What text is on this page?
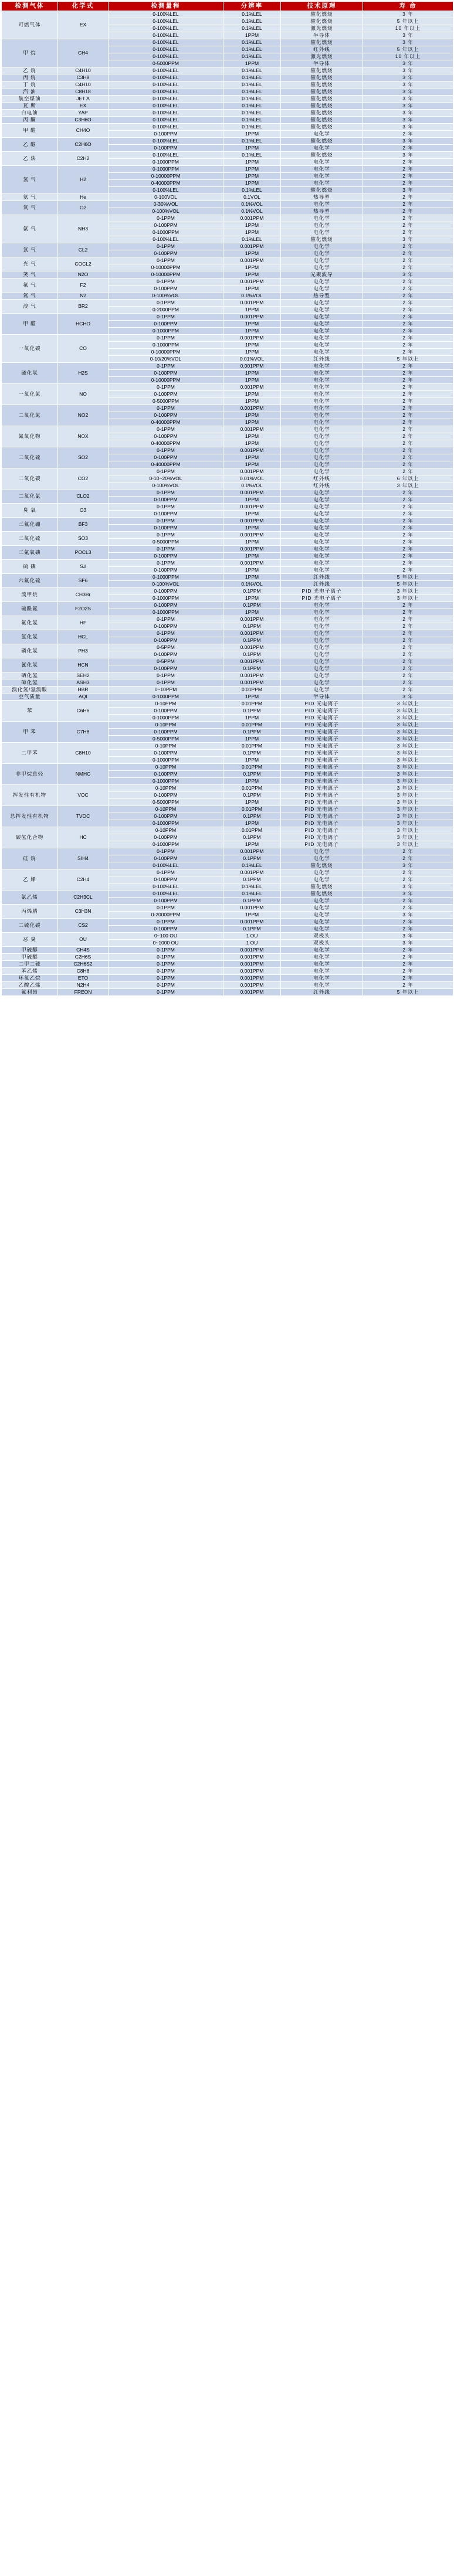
检测气体	化学式	检测量程	分辨率	技术原理	寿 命
可燃气体	EX	0-100%LEL	0.1%LEL	催化燃烧	3 年
		0-100%LEL	0.1%LEL	催化燃烧	5 年以上
		0-100%LEL	0.1%LEL	激光燃烧	10 年以上
		0-100%LEL	1PPM	半导体	3 年
甲 烷	CH4	0-100%LEL	0.1%LEL	催化燃烧	3 年
		0-100%LEL	0.1%LEL	红外线	5 年以上
		0-100%LEL	0.1%LEL	激光燃烧	10 年以上
		0-5000PPM	1PPM	半导体	3 年
乙 烷	C4H10	0-100%LEL	0.1%LEL	催化燃烧	3 年
丙 烷	C3H8	0-100%LEL	0.1%LEL	催化燃烧	3 年
丁 烷	C4H10	0-100%LEL	0.1%LEL	催化燃烧	3 年
汽 油	C8H18	0-100%LEL	0.1%LEL	催化燃烧	3 年
航空煤油	JET A	0-100%LEL	0.1%LEL	催化燃烧	3 年
瓦 斯	EX	0-100%LEL	0.1%LEL	催化燃烧	3 年
白电油	YAP	0-100%LEL	0.1%LEL	催化燃烧	3 年
丙 酮	C3H6O	0-100%LEL	0.1%LEL	催化燃烧	3 年
甲 醛	CH4O	0-100%LEL	0.1%LEL	催化燃烧	3 年
		0-100PPM	1PPM	电化学	2 年
乙 醇	C2H6O	0-100%LEL	0.1%LEL	催化燃烧	3 年
		0-100PPM	1PPM	电化学	2 年
乙 炔	C2H2	0-100%LEL	0.1%LEL	催化燃烧	3 年
		0-1000PPM	1PPM	电化学	2 年
氢 气	H2	0-1000PPM	1PPM	电化学	2 年
		0-10000PPM	1PPM	电化学	2 年
		0-40000PPM	1PPM	电化学	2 年
		0-100%LEL	0.1%LEL	催化燃烧	3 年
氦 气	He	0-100VOL	0.1VOL	热导型	2 年
氧 气	O2	0-30%VOL	0.1%VOL	电化学	2 年
		0-100%VOL	0.1%VOL	热导型	2 年
氨 气	NH3	0-1PPM	0.001PPM	电化学	2 年
		0-100PPM	1PPM	电化学	2 年
		0-1000PPM	1PPM	电化学	2 年
		0-100%LEL	0.1%LEL	催化燃烧	3 年
氯 气	CL2	0-1PPM	0.001PPM	电化学	2 年
		0-100PPM	1PPM	电化学	2 年
光 气	COCL2	0-1PPM	0.001PPM	电化学	2 年
		0-10000PPM	1PPM	电化学	2 年
笑 气	N2O	0-10000PPM	1PPM	光聚波导	3 年
氟 气	F2	0-1PPM	0.001PPM	电化学	2 年
		0-100PPM	1PPM	电化学	2 年
氮 气	N2	0-100%VOL	0.1%VOL	热导型	2 年
溴 气	BR2	0-1PPM	0.001PPM	电化学	2 年
		0-2000PPM	1PPM	电化学	2 年
甲 醛	HCHO	0-1PPM	0.001PPM	电化学	2 年
		0-100PPM	1PPM	电化学	2 年
		0-1000PPM	1PPM	电化学	2 年
一氧化碳	CO	0-1PPM	0.001PPM	电化学	2 年
		0-1000PPM	1PPM	电化学	2 年
		0-10000PPM	1PPM	电化学	2 年
		0-10/20%VOL	0.01%VOL	红外线	5 年以上
硫化氢	H2S	0-1PPM	0.001PPM	电化学	2 年
		0-100PPM	1PPM	电化学	2 年
		0-10000PPM	1PPM	电化学	2 年
一氧化氮	NO	0-1PPM	0.001PPM	电化学	2 年
		0-100PPM	1PPM	电化学	2 年
		0-5000PPM	1PPM	电化学	2 年
二氧化氮	NO2	0-1PPM	0.001PPM	电化学	2 年
		0-100PPM	1PPM	电化学	2 年
		0-40000PPM	1PPM	电化学	2 年
氮氧化物	NOX	0-1PPM	0.001PPM	电化学	2 年
		0-100PPM	1PPM	电化学	2 年
		0-40000PPM	1PPM	电化学	2 年
二氧化硫	SO2	0-1PPM	0.001PPM	电化学	2 年
		0-100PPM	1PPM	电化学	2 年
		0-40000PPM	1PPM	电化学	2 年
二氧化碳	CO2	0-1PPM	0.001PPM	电化学	2 年
		0-10~20%VOL	0.01%VOL	红外线	6 年以上
		0-100%VOL	0.1%VOL	红外线	3 年以上
二氧化氯	CLO2	0-1PPM	0.001PPM	电化学	2 年
		0-100PPM	1PPM	电化学	2 年
臭 氧	O3	0-1PPM	0.001PPM	电化学	2 年
		0-100PPM	1PPM	电化学	2 年
三氟化硼	BF3	0-1PPM	0.001PPM	电化学	2 年
		0-100PPM	1PPM	电化学	2 年
三氧化硫	SO3	0-1PPM	0.001PPM	电化学	2 年
		0-5000PPM	1PPM	电化学	2 年
三氯氧磷	POCL3	0-1PPM	0.001PPM	电化学	2 年
		0-100PPM	1PPM	电化学	2 年
硫 磷	S#	0-1PPM	0.001PPM	电化学	2 年
		0-100PPM	1PPM	电化学	2 年
六氟化硫	SF6	0-1000PPM	1PPM	红外线	5 年以上
		0-100%VOL	0.1%VOL	红外线	5 年以上
溴甲烷	CH3Br	0-100PPM	0.1PPM	PID 光电子离子	3 年以上
		0-1000PPM	1PPM	PID 光电子离子	3 年以上
硫酰氟	F2O2S	0-100PPM	0.1PPM	电化学	2 年
		0-1000PPM	1PPM	电化学	2 年
氟化氢	HF	0-1PPM	0.001PPM	电化学	2 年
		0-100PPM	0.1PPM	电化学	2 年
氯化氢	HCL	0-1PPM	0.001PPM	电化学	2 年
		0-100PPM	0.1PPM	电化学	2 年
磷化氢	PH3	0-5PPM	0.001PPM	电化学	2 年
		0-100PPM	0.1PPM	电化学	2 年
氰化氢	HCN	0-5PPM	0.001PPM	电化学	2 年
		0-100PPM	0.1PPM	电化学	2 年
硒化氢	SEH2	0-1PPM	0.001PPM	电化学	2 年
砷化氢	ASH3	0-1PPM	0.001PPM	电化学	2 年
溴化氢/氢溴酸	HBR	0~10PPM	0.01PPM	电化学	2 年
空气质量	AQI	0-1000PPM	1PPM	半导体	3 年
苯	C6H6	0-10PPM	0.01PPM	PID 光电离子	3 年以上
		0-100PPM	0.1PPM	PID 光电离子	3 年以上
		0-1000PPM	1PPM	PID 光电离子	3 年以上
甲 苯	C7H8	0-10PPM	0.01PPM	PID 光电离子	3 年以上
		0-100PPM	0.1PPM	PID 光电离子	3 年以上
		0-5000PPM	1PPM	PID 光电离子	3 年以上
二甲苯	C8H10	0-10PPM	0.01PPM	PID 光电离子	3 年以上
		0-100PPM	0.1PPM	PID 光电离子	3 年以上
		0-1000PPM	1PPM	PID 光电离子	3 年以上
非甲烷总烃	NMHC	0-10PPM	0.01PPM	PID 光电离子	3 年以上
		0-100PPM	0.1PPM	PID 光电离子	3 年以上
		0-1000PPM	1PPM	PID 光电离子	3 年以上
挥发性有机物	VOC	0-10PPM	0.01PPM	PID 光电离子	3 年以上
		0-100PPM	0.1PPM	PID 光电离子	3 年以上
		0-5000PPM	1PPM	PID 光电离子	3 年以上
总挥发性有机物	TVOC	0-10PPM	0.01PPM	PID 光电离子	3 年以上
		0-100PPM	0.1PPM	PID 光电离子	3 年以上
		0-1000PPM	1PPM	PID 光电离子	3 年以上
碳氢化合物	HC	0-10PPM	0.01PPM	PID 光电离子	3 年以上
		0-100PPM	0.1PPM	PID 光电离子	3 年以上
		0-1000PPM	1PPM	PID 光电离子	3 年以上
硅 烷	SIH4	0-1PPM	0.001PPM	电化学	2 年
		0-100PPM	0.1PPM	电化学	2 年
		0-100%LEL	0.1%LEL	催化燃烧	3 年
乙 烯	C2H4	0-1PPM	0.001PPM	电化学	2 年
		0-100PPM	0.1PPM	电化学	2 年
		0-100%LEL	0.1%LEL	催化燃烧	3 年
氯乙烯	C2H3CL	0-100%LEL	0.1%LEL	催化燃烧	3 年
		0-100PPM	0.1PPM	电化学	2 年
丙烯腈	C3H3N	0-1PPM	0.001PPM	电化学	2 年
		0-20000PPM	1PPM	电化学	3 年
二硫化碳	CS2	0-1PPM	0.001PPM	电化学	2 年
		0-100PPM	0.1PPM	电化学	2 年
恶 臭	OU	0~100 OU	1 OU	双极头	3 年
		0~1000 OU	1 OU	双极头	3 年
甲硫醇	CH4S	0-1PPM	0.001PPM	电化学	2 年
甲硫醚	C2H6S	0-1PPM	0.001PPM	电化学	2 年
二甲二硫	C2H6S2	0-1PPM	0.001PPM	电化学	2 年
苯乙烯	C8H8	0-1PPM	0.001PPM	电化学	2 年
环氧乙烷	ETO	0-1PPM	0.001PPM	电化学	2 年
乙酸乙烯	N2H4	0-1PPM	0.001PPM	电化学	2 年
氟利昂	FREON	0-1PPM	0.001PPM	红外线	5 年以上
